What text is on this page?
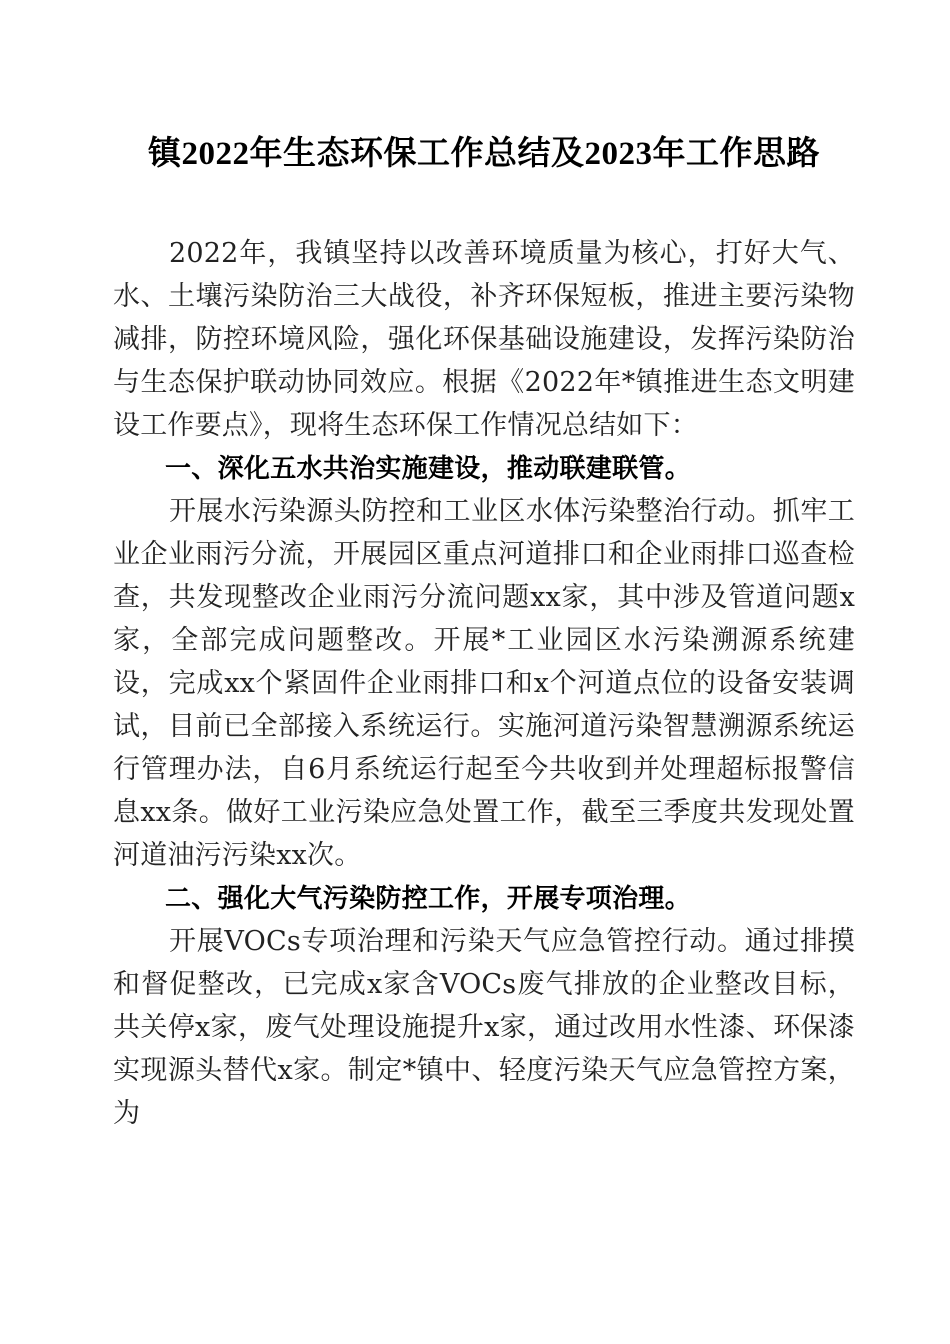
镇2022年生态环保工作总结及2023年工作思路

2022年，我镇坚持以改善环境质量为核心，打好大气、水、土壤污染防治三大战役，补齐环保短板，推进主要污染物减排，防控环境风险，强化环保基础设施建设，发挥污染防治与生态保护联动协同效应。根据《2022年*镇推进生态文明建设工作要点》，现将生态环保工作情况总结如下：

一、深化五水共治实施建设，推动联建联管。

开展水污染源头防控和工业区水体污染整治行动。抓牢工业企业雨污分流，开展园区重点河道排口和企业雨排口巡查检查，共发现整改企业雨污分流问题xx家，其中涉及管道问题x家，全部完成问题整改。开展*工业园区水污染溯源系统建设，完成xx个紧固件企业雨排口和x个河道点位的设备安装调试，目前已全部接入系统运行。实施河道污染智慧溯源系统运行管理办法，自6月系统运行起至今共收到并处理超标报警信息xx条。做好工业污染应急处置工作，截至三季度共发现处置河道油污污染xx次。

二、强化大气污染防控工作，开展专项治理。

开展VOCs专项治理和污染天气应急管控行动。通过排摸和督促整改，已完成x家含VOCs废气排放的企业整改目标，共关停x家，废气处理设施提升x家，通过改用水性漆、环保漆实现源头替代x家。制定*镇中、轻度污染天气应急管控方案，为
